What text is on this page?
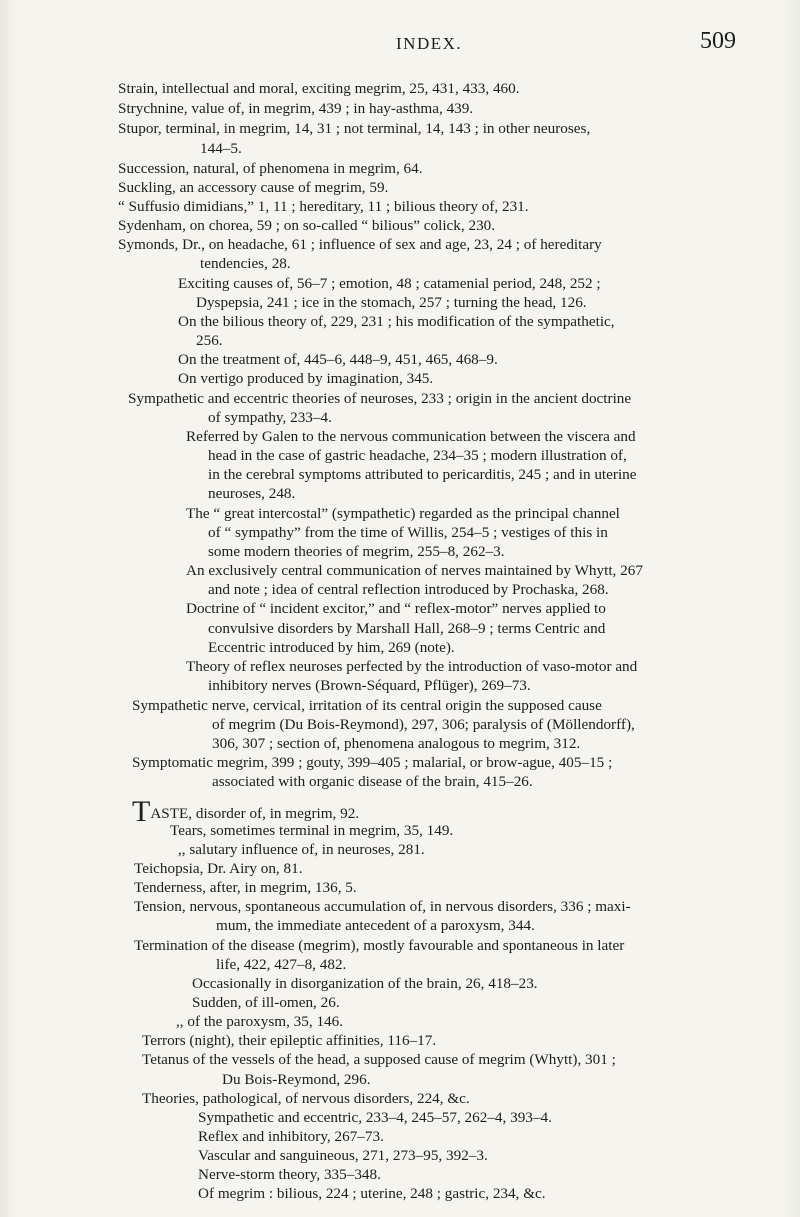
INDEX.	509
Strain, intellectual and moral, exciting megrim, 25, 431, 433, 460.
Strychnine, value of, in megrim, 439 ; in hay-asthma, 439.
Stupor, terminal, in megrim, 14, 31 ; not terminal, 14, 143 ; in other neuroses,
144–5.
Succession, natural, of phenomena in megrim, 64.
Suckling, an accessory cause of megrim, 59.
“ Suffusio dimidians,” 1, 11 ; hereditary, 11 ; bilious theory of, 231.
Sydenham, on chorea, 59 ; on so-called “ bilious” colick, 230.
Symonds, Dr., on headache, 61 ; influence of sex and age, 23, 24 ; of hereditary
tendencies, 28.
Exciting causes of, 56–7 ; emotion, 48 ; catamenial period, 248, 252 ;
Dyspepsia, 241 ; ice in the stomach, 257 ; turning the head, 126.
On the bilious theory of, 229, 231 ; his modification of the sympathetic,
256.
On the treatment of, 445–6, 448–9, 451, 465, 468–9.
On vertigo produced by imagination, 345.
Sympathetic and eccentric theories of neuroses, 233 ; origin in the ancient doctrine
of sympathy, 233–4.
Referred by Galen to the nervous communication between the viscera and
head in the case of gastric headache, 234–35 ; modern illustration of,
in the cerebral symptoms attributed to pericarditis, 245 ; and in uterine
neuroses, 248.
The “ great intercostal” (sympathetic) regarded as the principal channel
of “ sympathy” from the time of Willis, 254–5 ; vestiges of this in
some modern theories of megrim, 255–8, 262–3.
An exclusively central communication of nerves maintained by Whytt, 267
and note ; idea of central reflection introduced by Prochaska, 268.
Doctrine of “ incident excitor,” and “ reflex-motor” nerves applied to
convulsive disorders by Marshall Hall, 268–9 ; terms Centric and
Eccentric introduced by him, 269 (note).
Theory of reflex neuroses perfected by the introduction of vaso-motor and
inhibitory nerves (Brown-Séquard, Pflüger), 269–73.
Sympathetic nerve, cervical, irritation of its central origin the supposed cause
of megrim (Du Bois-Reymond), 297, 306; paralysis of (Möllendorff),
306, 307 ; section of, phenomena analogous to megrim, 312.
Symptomatic megrim, 399 ; gouty, 399–405 ; malarial, or brow-ague, 405–15 ;
associated with organic disease of the brain, 415–26.
TASTE, disorder of, in megrim, 92.
Tears, sometimes terminal in megrim, 35, 149.
,, salutary influence of, in neuroses, 281.
Teichopsia, Dr. Airy on, 81.
Tenderness, after, in megrim, 136, 5.
Tension, nervous, spontaneous accumulation of, in nervous disorders, 336 ; maxi-
mum, the immediate antecedent of a paroxysm, 344.
Termination of the disease (megrim), mostly favourable and spontaneous in later
life, 422, 427–8, 482.
Occasionally in disorganization of the brain, 26, 418–23.
Sudden, of ill-omen, 26.
,, of the paroxysm, 35, 146.
Terrors (night), their epileptic affinities, 116–17.
Tetanus of the vessels of the head, a supposed cause of megrim (Whytt), 301 ;
Du Bois-Reymond, 296.
Theories, pathological, of nervous disorders, 224, &c.
Sympathetic and eccentric, 233–4, 245–57, 262–4, 393–4.
Reflex and inhibitory, 267–73.
Vascular and sanguineous, 271, 273–95, 392–3.
Nerve-storm theory, 335–348.
Of megrim : bilious, 224 ; uterine, 248 ; gastric, 234, &c.
